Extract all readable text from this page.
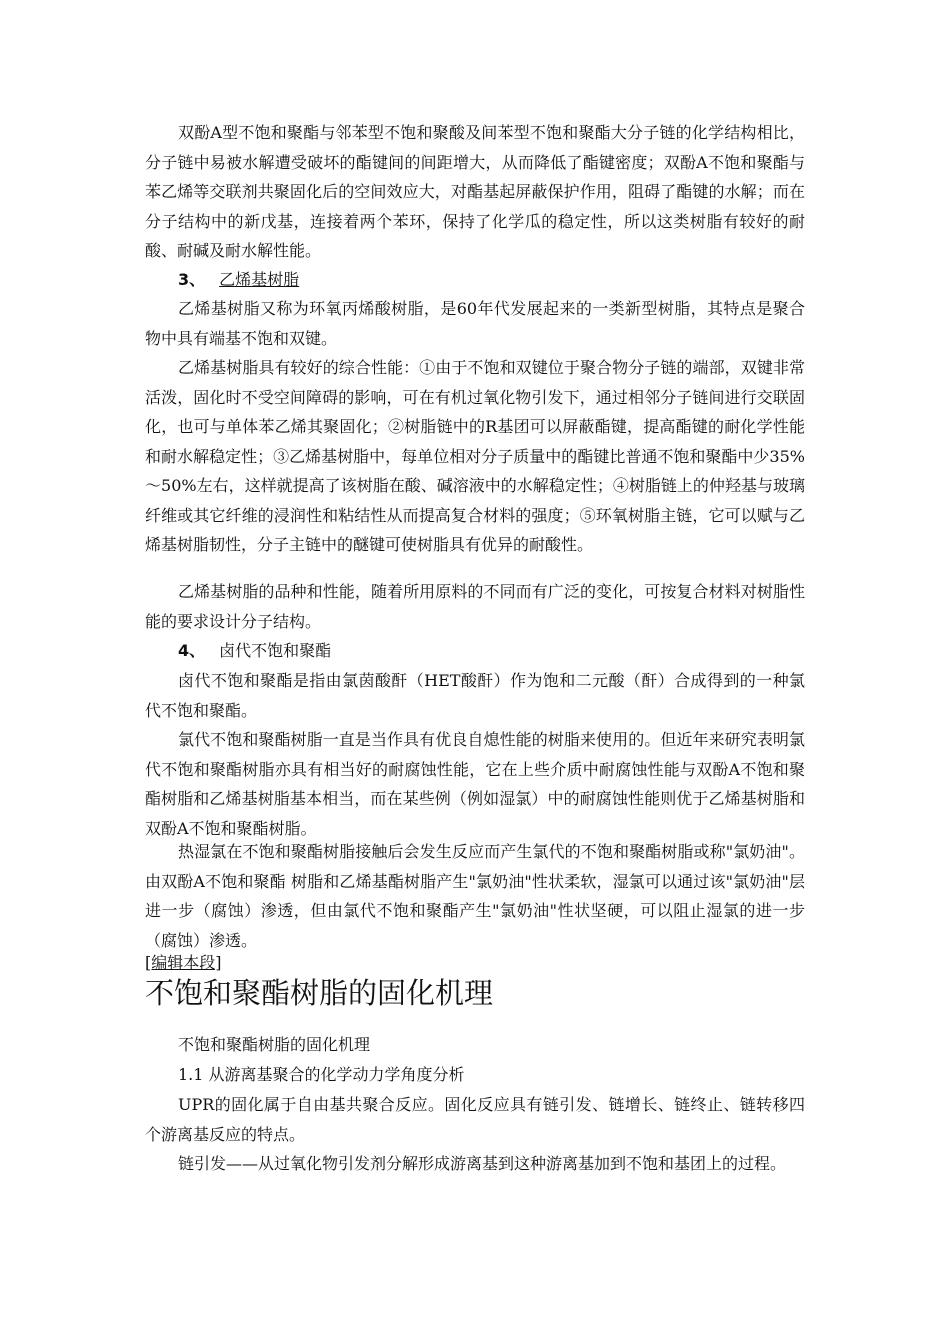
双酚A型不饱和聚酯与邻苯型不饱和聚酸及间苯型不饱和聚酯大分子链的化学结构相比，分子链中易被水解遭受破坏的酯键间的间距增大，从而降低了酯键密度；双酚A不饱和聚酯与苯乙烯等交联剂共聚固化后的空间效应大，对酯基起屏蔽保护作用，阻碍了酯键的水解；而在分子结构中的新戊基，连接着两个苯环，保持了化学瓜的稳定性，所以这类树脂有较好的耐酸、耐碱及耐水解性能。
3、 乙烯基树脂
乙烯基树脂又称为环氧丙烯酸树脂，是60年代发展起来的一类新型树脂，其特点是聚合物中具有端基不饱和双键。
乙烯基树脂具有较好的综合性能：①由于不饱和双键位于聚合物分子链的端部，双键非常活泼，固化时不受空间障碍的影响，可在有机过氧化物引发下，通过相邻分子链间进行交联固化，也可与单体苯乙烯其聚固化；②树脂链中的R基团可以屏蔽酯键，提高酯键的耐化学性能和耐水解稳定性；③乙烯基树脂中，每单位相对分子质量中的酯键比普通不饱和聚酯中少35%～50%左右，这样就提高了该树脂在酸、碱溶液中的水解稳定性；④树脂链上的仲羟基与玻璃纤维或其它纤维的浸润性和粘结性从而提高复合材料的强度；⑤环氧树脂主链，它可以赋与乙烯基树脂韧性，分子主链中的醚键可使树脂具有优异的耐酸性。
乙烯基树脂的品种和性能，随着所用原料的不同而有广泛的变化，可按复合材料对树脂性能的要求设计分子结构。
4、 卤代不饱和聚酯
卤代不饱和聚酯是指由氯茵酸酐（HET酸酐）作为饱和二元酸（酐）合成得到的一种氯代不饱和聚酯。
氯代不饱和聚酯树脂一直是当作具有优良自熄性能的树脂来使用的。但近年来研究表明氯代不饱和聚酯树脂亦具有相当好的耐腐蚀性能，它在上些介质中耐腐蚀性能与双酚A不饱和聚酯树脂和乙烯基树脂基本相当，而在某些例（例如湿氯）中的耐腐蚀性能则优于乙烯基树脂和双酚A不饱和聚酯树脂。
热湿氯在不饱和聚酯树脂接触后会发生反应而产生氯代的不饱和聚酯树脂或称"氯奶油"。由双酚A不饱和聚酯 树脂和乙烯基酯树脂产生"氯奶油"性状柔软，湿氯可以通过该"氯奶油"层进一步（腐蚀）渗透，但由氯代不饱和聚酯产生"氯奶油"性状坚硬，可以阻止湿氯的进一步（腐蚀）渗透。
[编辑本段]
不饱和聚酯树脂的固化机理
不饱和聚酯树脂的固化机理
1.1 从游离基聚合的化学动力学角度分析
UPR的固化属于自由基共聚合反应。固化反应具有链引发、链增长、链终止、链转移四个游离基反应的特点。
链引发——从过氧化物引发剂分解形成游离基到这种游离基加到不饱和基团上的过程。
